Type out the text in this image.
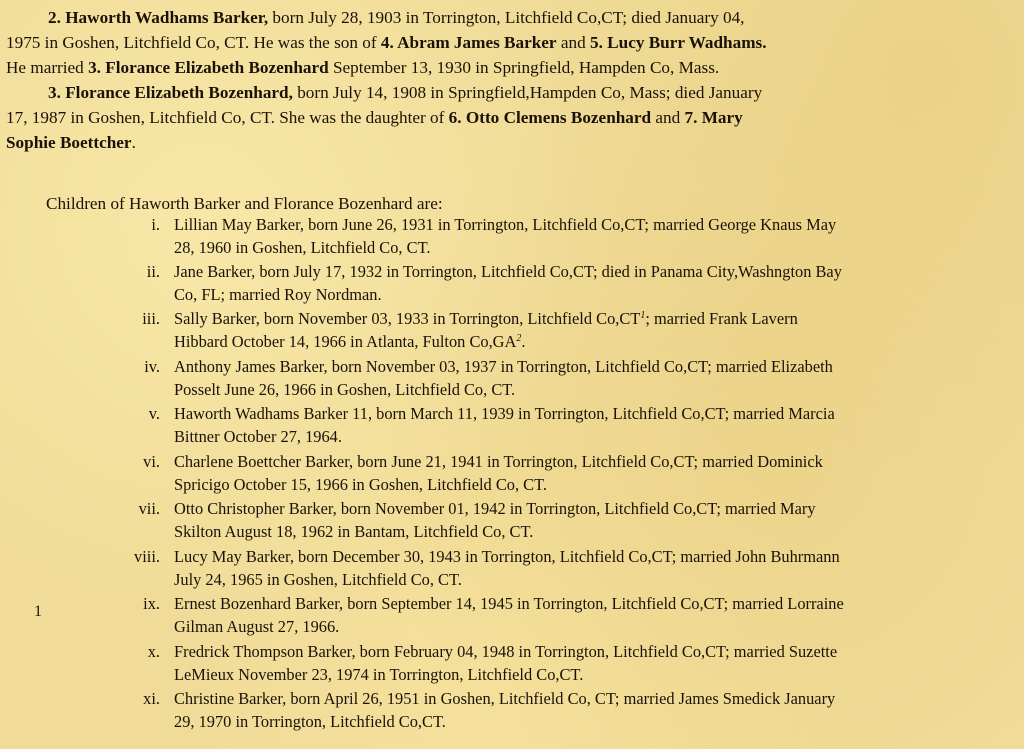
2. Haworth Wadhams Barker, born July 28, 1903 in Torrington, Litchfield Co,CT; died January 04,
1975 in Goshen, Litchfield Co, CT. He was the son of 4. Abram James Barker and 5. Lucy Burr Wadhams.
He married 3. Florance Elizabeth Bozenhard September 13, 1930 in Springfield, Hampden Co, Mass.
3. Florance Elizabeth Bozenhard, born July 14, 1908 in Springfield,Hampden Co, Mass; died January
17, 1987 in Goshen, Litchfield Co, CT. She was the daughter of 6. Otto Clemens Bozenhard and 7. Mary
Sophie Boettcher.
Children of Haworth Barker and Florance Bozenhard are:
1
i. Lillian May Barker, born June 26, 1931 in Torrington, Litchfield Co,CT; married George Knaus May
28, 1960 in Goshen, Litchfield Co, CT.
ii. Jane Barker, born July 17, 1932 in Torrington, Litchfield Co,CT; died in Panama City,Washngton Bay
Co, FL; married Roy Nordman.
iii. Sally Barker, born November 03, 1933 in Torrington, Litchfield $Co,CT^1$; married Frank Lavern
Hibbard October 14, 1966 in Atlanta, Fulton $Co,GA^2$.
iv. Anthony James Barker, born November 03, 1937 in Torrington, Litchfield Co,CT; married Elizabeth
Posselt June 26, 1966 in Goshen, Litchfield Co, CT.
v. Haworth Wadhams Barker 11, born March 11, 1939 in Torrington, Litchfield Co,CT; married Marcia
Bittner October 27, 1964.
vi. Charlene Boettcher Barker, born June 21, 1941 in Torrington, Litchfield Co,CT; married Dominick
Spricigo October 15, 1966 in Goshen, Litchfield Co, CT.
vii. Otto Christopher Barker, born November 01, 1942 in Torrington, Litchfield Co,CT; married Mary
Skilton August 18, 1962 in Bantam, Litchfield Co, CT.
viii. Lucy May Barker, born December 30, 1943 in Torrington, Litchfield Co,CT; married John Buhrmann
July 24, 1965 in Goshen, Litchfield Co, CT.
ix. Ernest Bozenhard Barker, born September 14, 1945 in Torrington, Litchfield Co,CT; married Lorraine
Gilman August 27, 1966.
x. Fredrick Thompson Barker, born February 04, 1948 in Torrington, Litchfield Co,CT; married Suzette
LeMieux November 23, 1974 in Torrington, Litchfield Co,CT.
xi. Christine Barker, born April 26, 1951 in Goshen, Litchfield Co, CT; married James Smedick January
29, 1970 in Torrington, Litchfield Co,CT.
